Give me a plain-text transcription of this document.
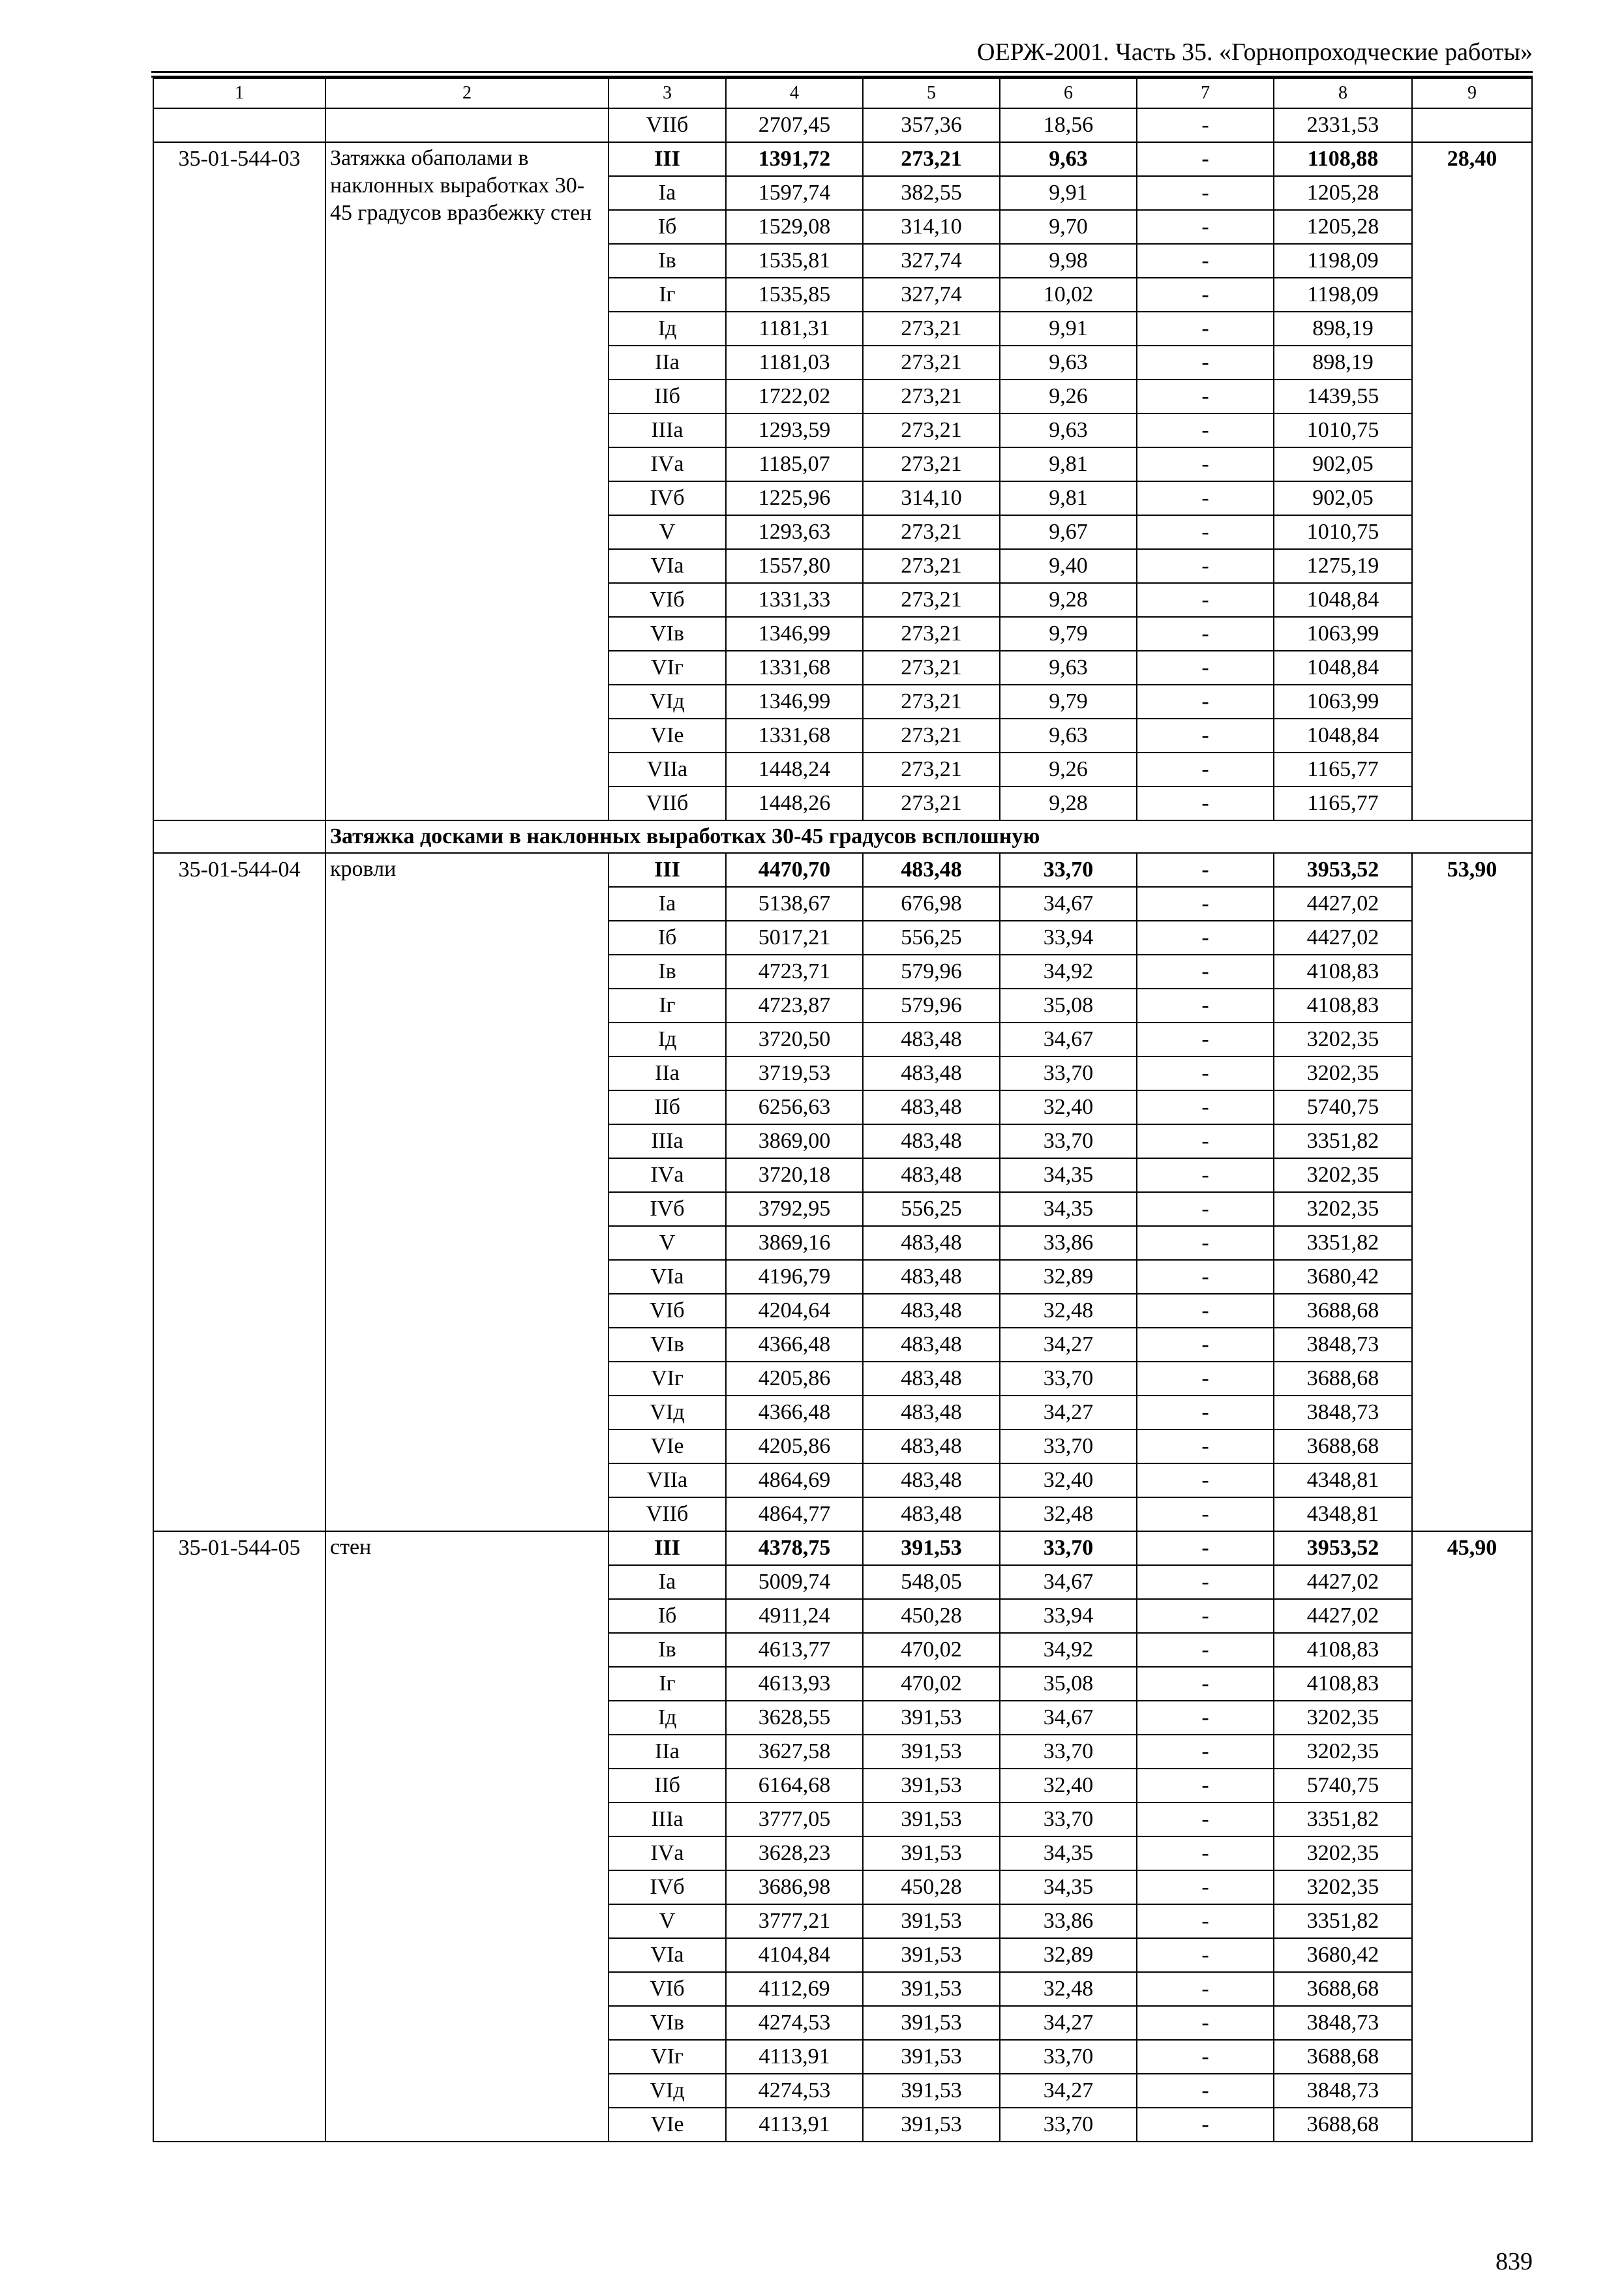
ОЕРЖ-2001. Часть 35. «Горнопроходческие работы»
1	2	3	4	5	6	7	8	9
		VIIб	2707,45	357,36	18,56	-	2331,53	
35-01-544-03	Затяжка обаполами в наклонных выработках 30-45 градусов вразбежку стен	III	1391,72	273,21	9,63	-	1108,88	28,40
		Iа	1597,74	382,55	9,91	-	1205,28	
		Iб	1529,08	314,10	9,70	-	1205,28	
		Iв	1535,81	327,74	9,98	-	1198,09	
		Iг	1535,85	327,74	10,02	-	1198,09	
		Iд	1181,31	273,21	9,91	-	898,19	
		IIа	1181,03	273,21	9,63	-	898,19	
		IIб	1722,02	273,21	9,26	-	1439,55	
		IIIа	1293,59	273,21	9,63	-	1010,75	
		IVа	1185,07	273,21	9,81	-	902,05	
		IVб	1225,96	314,10	9,81	-	902,05	
		V	1293,63	273,21	9,67	-	1010,75	
		VIа	1557,80	273,21	9,40	-	1275,19	
		VIб	1331,33	273,21	9,28	-	1048,84	
		VIв	1346,99	273,21	9,79	-	1063,99	
		VIг	1331,68	273,21	9,63	-	1048,84	
		VIд	1346,99	273,21	9,79	-	1063,99	
		VIе	1331,68	273,21	9,63	-	1048,84	
		VIIа	1448,24	273,21	9,26	-	1165,77	
		VIIб	1448,26	273,21	9,28	-	1165,77	
	Затяжка досками в наклонных выработках 30-45 градусов всплошную							
35-01-544-04	кровли	III	4470,70	483,48	33,70	-	3953,52	53,90
		Iа	5138,67	676,98	34,67	-	4427,02	
		Iб	5017,21	556,25	33,94	-	4427,02	
		Iв	4723,71	579,96	34,92	-	4108,83	
		Iг	4723,87	579,96	35,08	-	4108,83	
		Iд	3720,50	483,48	34,67	-	3202,35	
		IIа	3719,53	483,48	33,70	-	3202,35	
		IIб	6256,63	483,48	32,40	-	5740,75	
		IIIа	3869,00	483,48	33,70	-	3351,82	
		IVа	3720,18	483,48	34,35	-	3202,35	
		IVб	3792,95	556,25	34,35	-	3202,35	
		V	3869,16	483,48	33,86	-	3351,82	
		VIа	4196,79	483,48	32,89	-	3680,42	
		VIб	4204,64	483,48	32,48	-	3688,68	
		VIв	4366,48	483,48	34,27	-	3848,73	
		VIг	4205,86	483,48	33,70	-	3688,68	
		VIд	4366,48	483,48	34,27	-	3848,73	
		VIе	4205,86	483,48	33,70	-	3688,68	
		VIIа	4864,69	483,48	32,40	-	4348,81	
		VIIб	4864,77	483,48	32,48	-	4348,81	
35-01-544-05	стен	III	4378,75	391,53	33,70	-	3953,52	45,90
		Iа	5009,74	548,05	34,67	-	4427,02	
		Iб	4911,24	450,28	33,94	-	4427,02	
		Iв	4613,77	470,02	34,92	-	4108,83	
		Iг	4613,93	470,02	35,08	-	4108,83	
		Iд	3628,55	391,53	34,67	-	3202,35	
		IIа	3627,58	391,53	33,70	-	3202,35	
		IIб	6164,68	391,53	32,40	-	5740,75	
		IIIа	3777,05	391,53	33,70	-	3351,82	
		IVа	3628,23	391,53	34,35	-	3202,35	
		IVб	3686,98	450,28	34,35	-	3202,35	
		V	3777,21	391,53	33,86	-	3351,82	
		VIа	4104,84	391,53	32,89	-	3680,42	
		VIб	4112,69	391,53	32,48	-	3688,68	
		VIв	4274,53	391,53	34,27	-	3848,73	
		VIг	4113,91	391,53	33,70	-	3688,68	
		VIд	4274,53	391,53	34,27	-	3848,73	
		VIе	4113,91	391,53	33,70	-	3688,68	
839
